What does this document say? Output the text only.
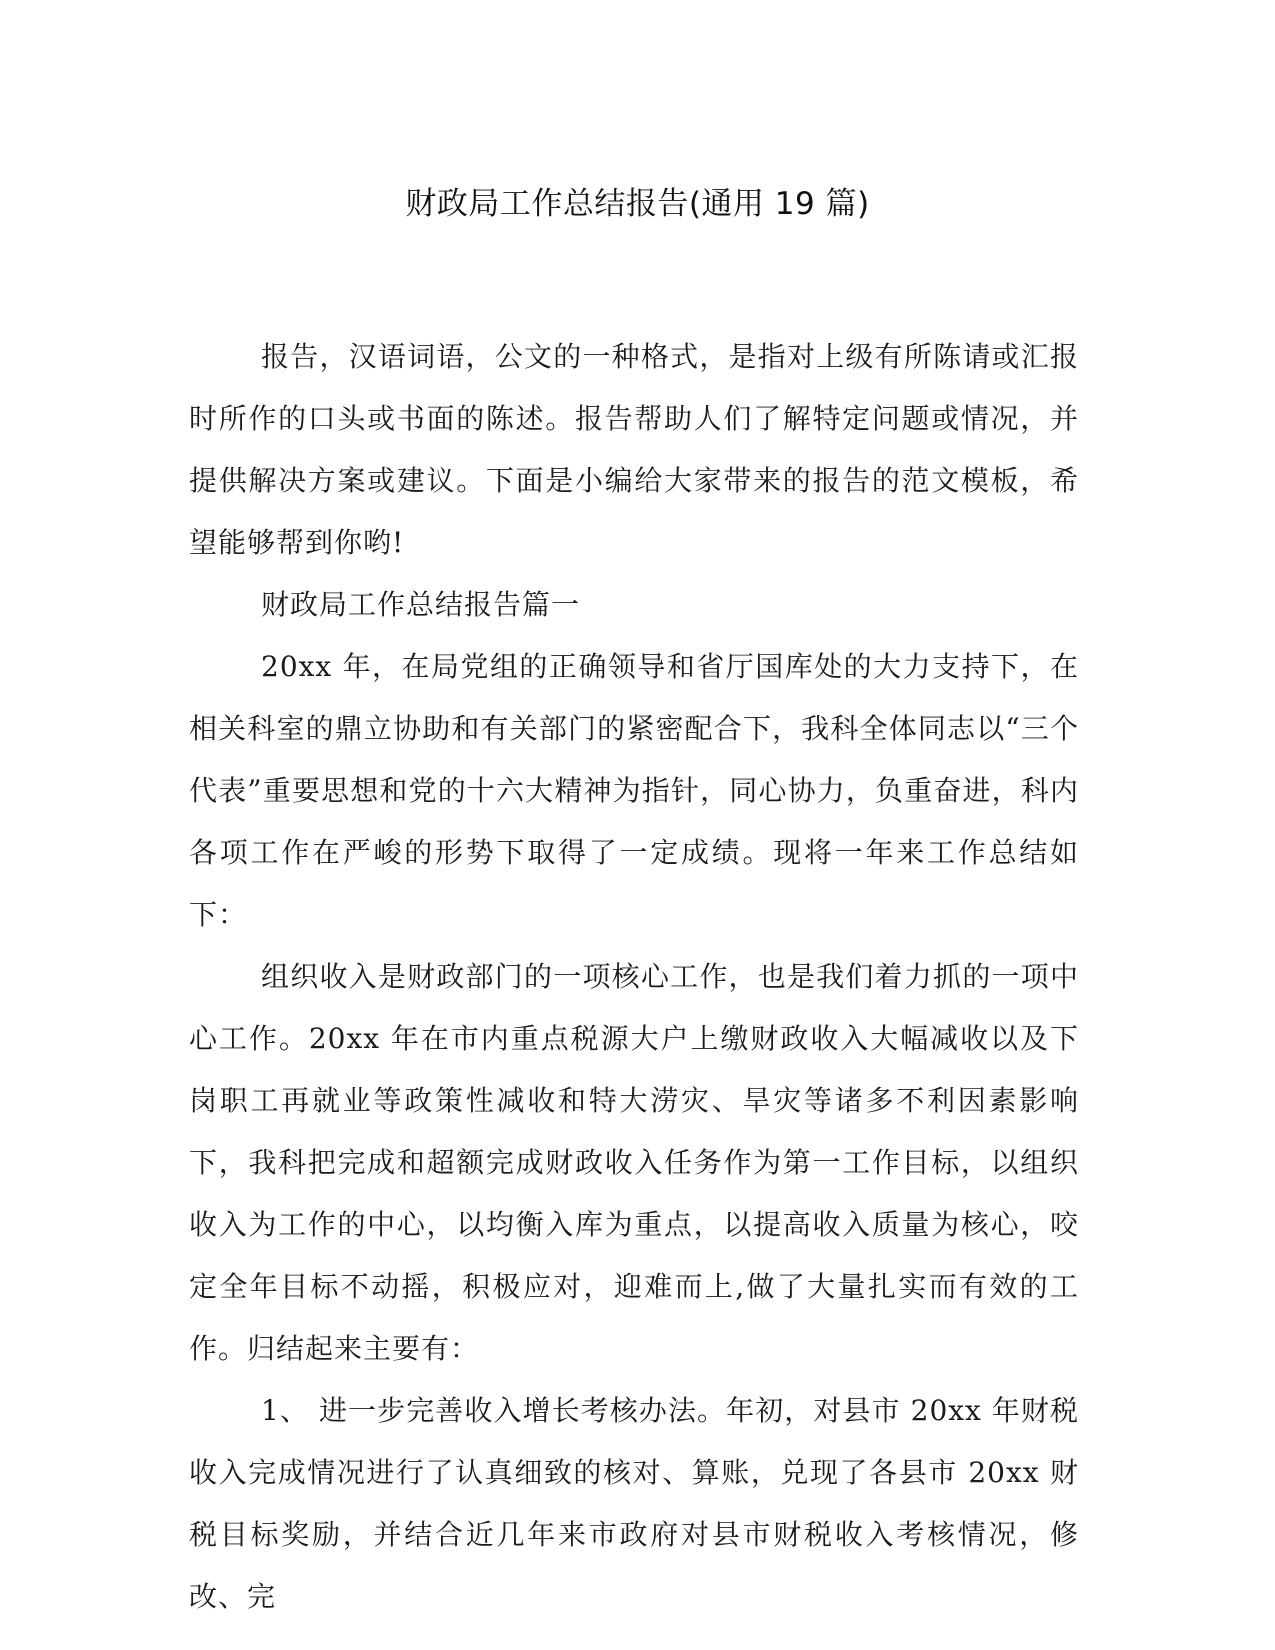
财政局工作总结报告(通用 19 篇)

报告，汉语词语，公文的一种格式，是指对上级有所陈请或汇报时所作的口头或书面的陈述。报告帮助人们了解特定问题或情况，并提供解决方案或建议。下面是小编给大家带来的报告的范文模板，希望能够帮到你哟!

财政局工作总结报告篇一

20xx 年，在局党组的正确领导和省厅国库处的大力支持下，在相关科室的鼎立协助和有关部门的紧密配合下，我科全体同志以“三个代表”重要思想和党的十六大精神为指针，同心协力，负重奋进，科内各项工作在严峻的形势下取得了一定成绩。现将一年来工作总结如下：

组织收入是财政部门的一项核心工作，也是我们着力抓的一项中心工作。20xx 年在市内重点税源大户上缴财政收入大幅减收以及下岗职工再就业等政策性减收和特大涝灾、旱灾等诸多不利因素影响下，我科把完成和超额完成财政收入任务作为第一工作目标，以组织收入为工作的中心，以均衡入库为重点，以提高收入质量为核心，咬定全年目标不动摇，积极应对，迎难而上,做了大量扎实而有效的工作。归结起来主要有：

1、 进一步完善收入增长考核办法。年初，对县市 20xx 年财税收入完成情况进行了认真细致的核对、算账，兑现了各县市 20xx 财税目标奖励，并结合近几年来市政府对县市财税收入考核情况，修改、完
